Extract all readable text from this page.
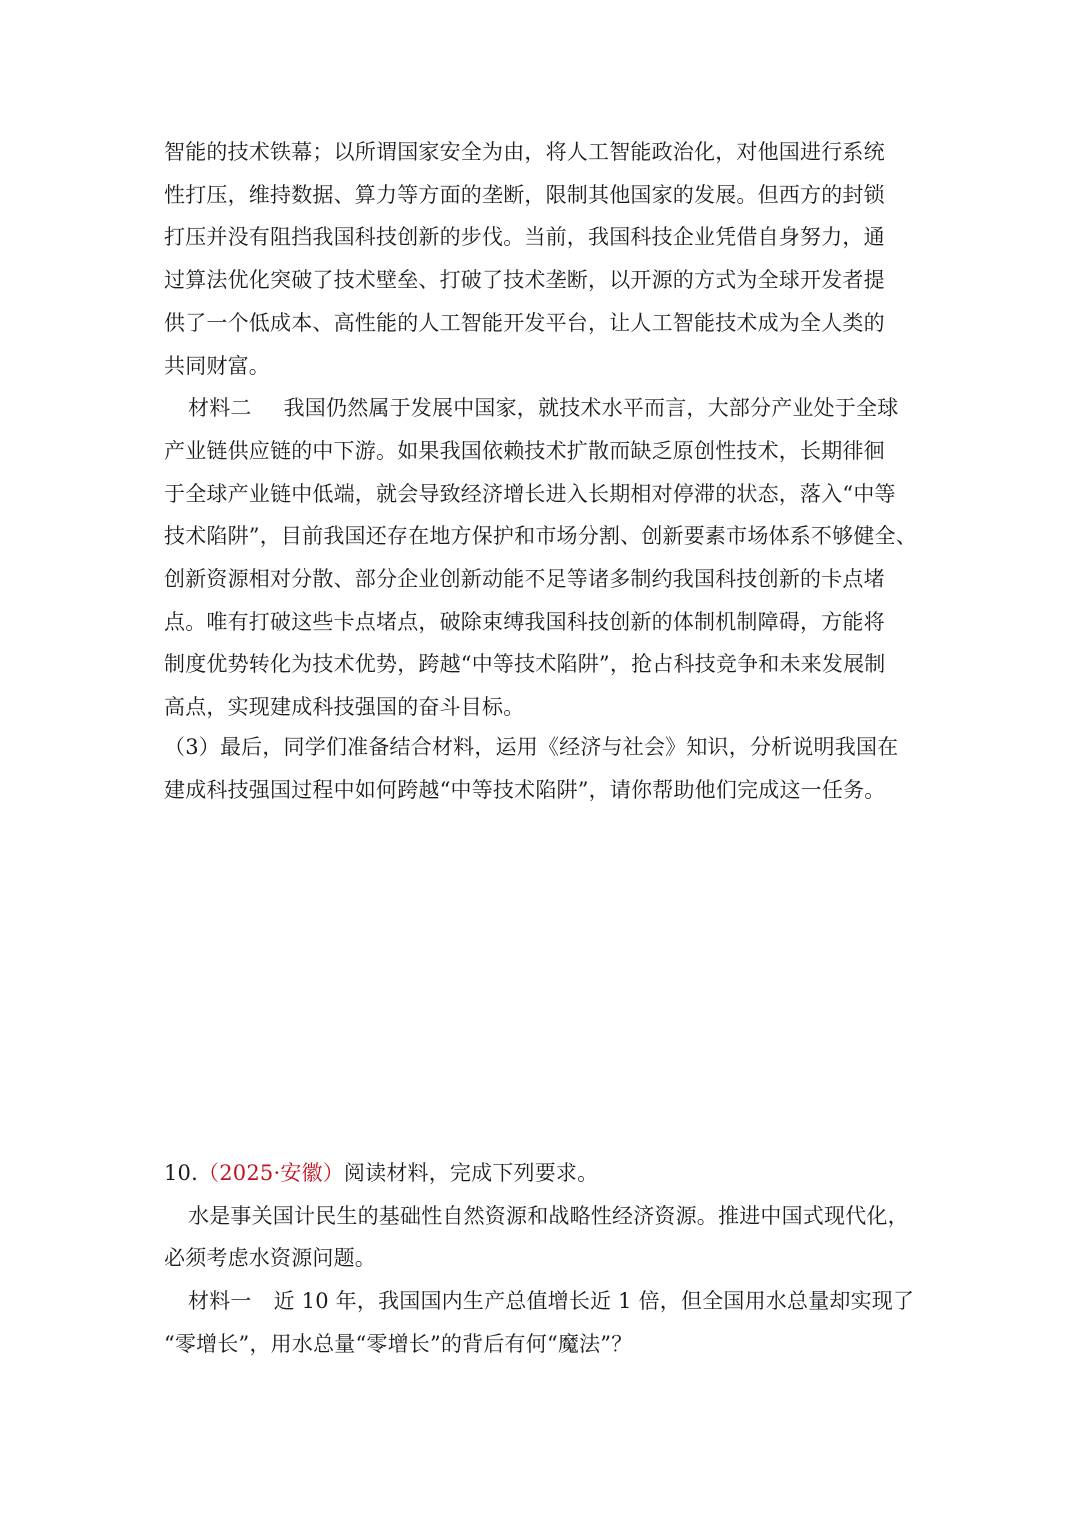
智能的技术铁幕；以所谓国家安全为由，将人工智能政治化，对他国进行系统
性打压，维持数据、算力等方面的垄断，限制其他国家的发展。但西方的封锁
打压并没有阻挡我国科技创新的步伐。当前，我国科技企业凭借自身努力，通
过算法优化突破了技术壁垒、打破了技术垄断，以开源的方式为全球开发者提
供了一个低成本、高性能的人工智能开发平台，让人工智能技术成为全人类的
共同财富。
材料二 我国仍然属于发展中国家，就技术水平而言，大部分产业处于全球
产业链供应链的中下游。如果我国依赖技术扩散而缺乏原创性技术，长期徘徊
于全球产业链中低端，就会导致经济增长进入长期相对停滞的状态，落入“中等
技术陷阱”，目前我国还存在地方保护和市场分割、创新要素市场体系不够健全、
创新资源相对分散、部分企业创新动能不足等诸多制约我国科技创新的卡点堵
点。唯有打破这些卡点堵点，破除束缚我国科技创新的体制机制障碍，方能将
制度优势转化为技术优势，跨越“中等技术陷阱”，抢占科技竞争和未来发展制
高点，实现建成科技强国的奋斗目标。
（3）最后，同学们准备结合材料，运用《经济与社会》知识，分析说明我国在
建成科技强国过程中如何跨越“中等技术陷阱”，请你帮助他们完成这一任务。
10.（2025·安徽）阅读材料，完成下列要求。
水是事关国计民生的基础性自然资源和战略性经济资源。推进中国式现代化，
必须考虑水资源问题。
材料一 近 10 年，我国国内生产总值增长近 1 倍，但全国用水总量却实现了
“零增长”，用水总量“零增长”的背后有何“魔法”？
